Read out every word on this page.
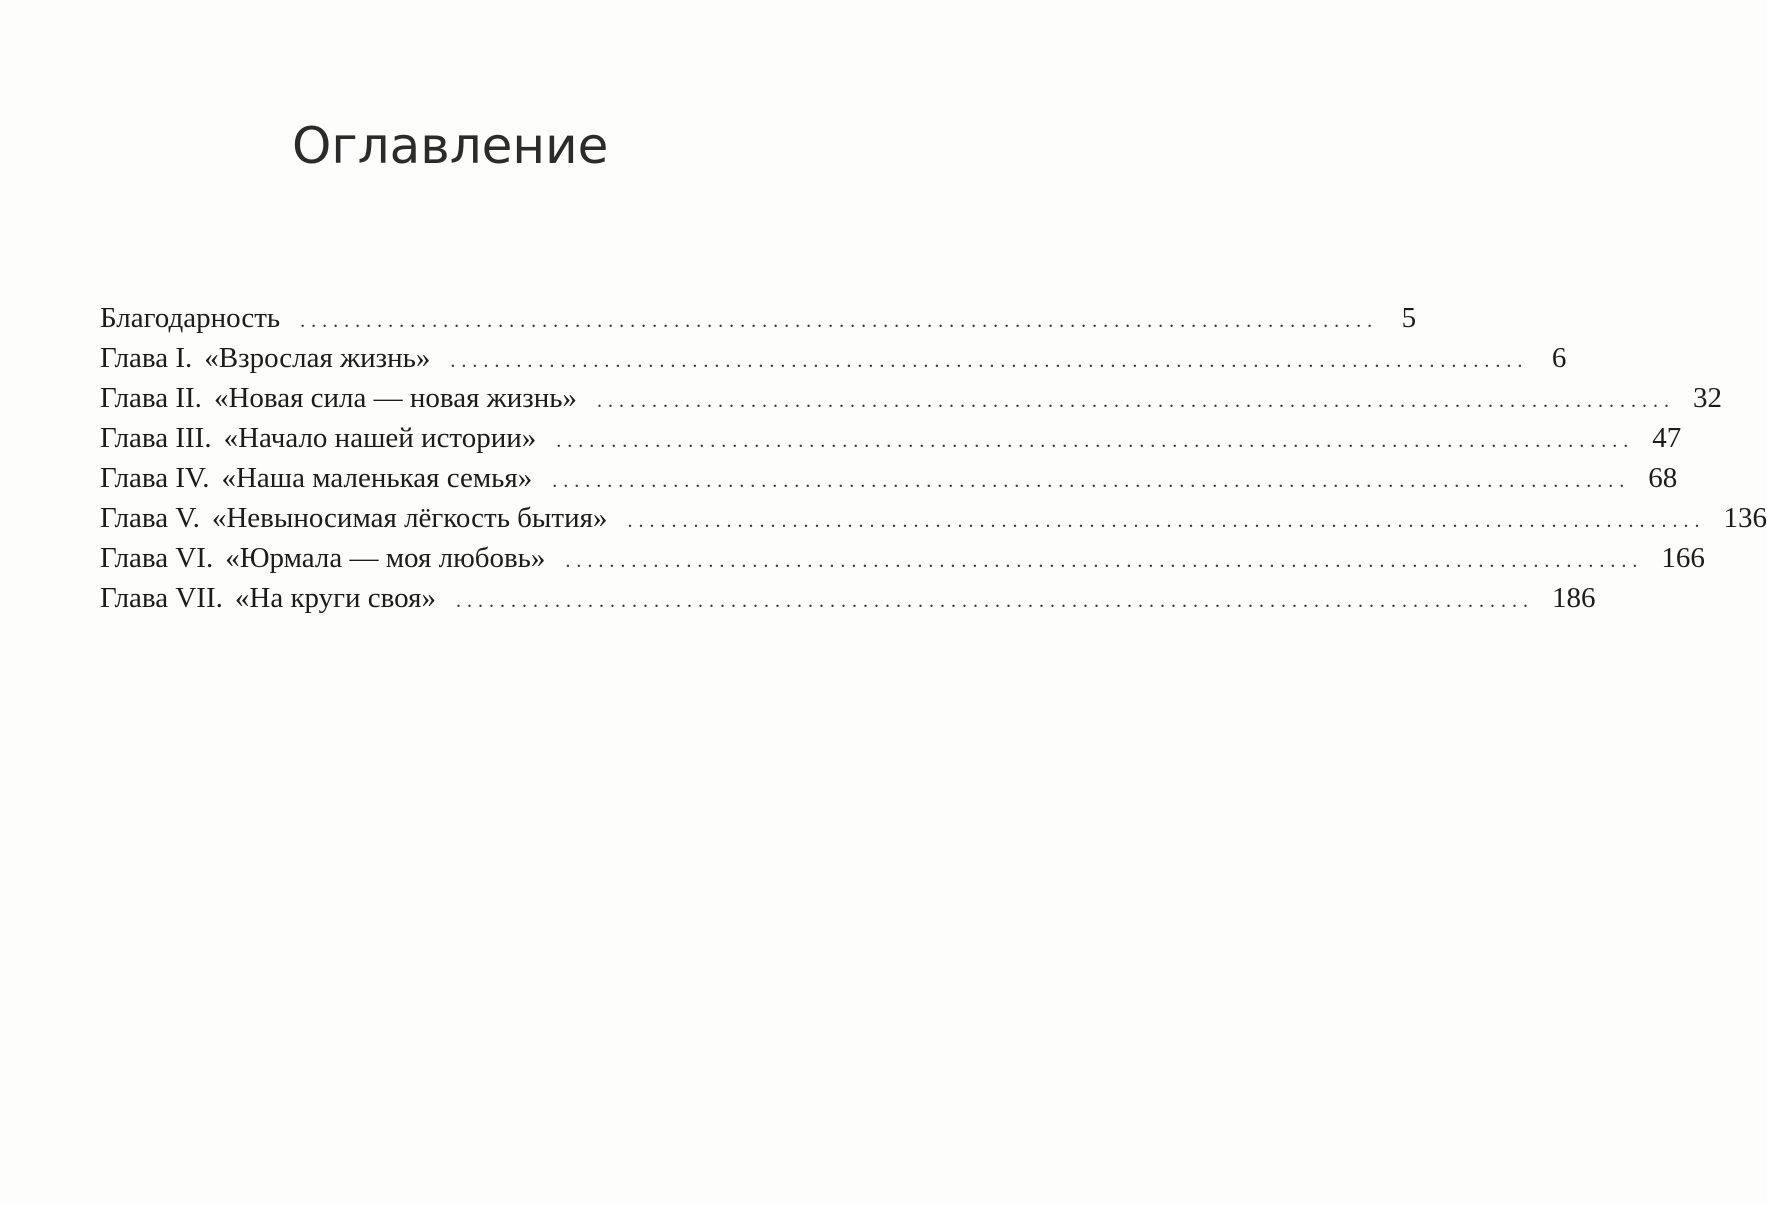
Оглавление
Благодарность .................................................................................................. 5
Глава I. «Взрослая жизнь» .................................................................................................. 6
Глава II. «Новая сила — новая жизнь» .................................................................................................. 32
Глава III. «Начало нашей истории» .................................................................................................. 47
Глава IV. «Наша маленькая семья» .................................................................................................. 68
Глава V. «Невыносимая лёгкость бытия» .................................................................................................. 136
Глава VI. «Юрмала — моя любовь» .................................................................................................. 166
Глава VII. «На круги своя» .................................................................................................. 186
